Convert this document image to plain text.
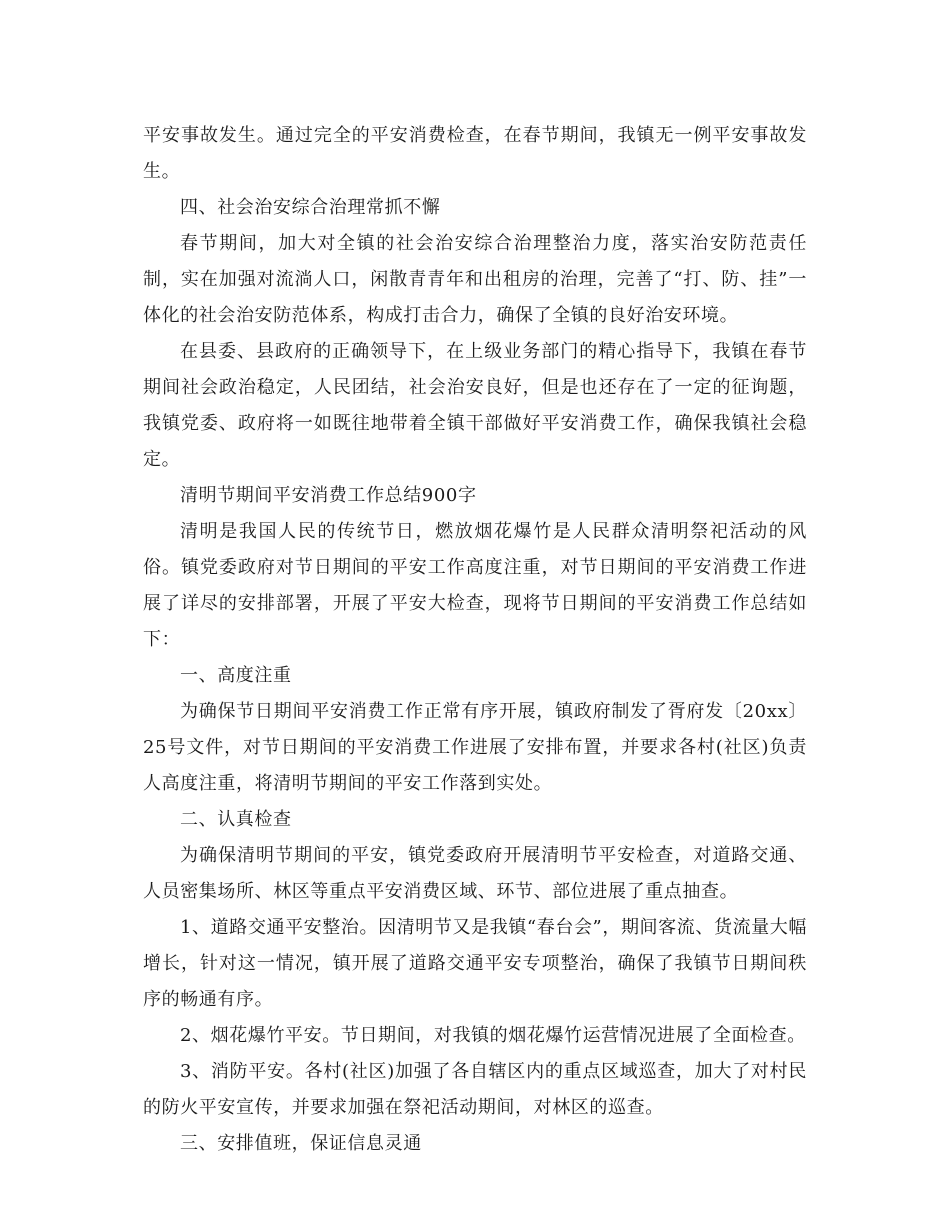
平安事故发生。通过完全的平安消费检查，在春节期间，我镇无一例平安事故发生。

四、社会治安综合治理常抓不懈

春节期间，加大对全镇的社会治安综合治理整治力度，落实治安防范责任制，实在加强对流淌人口，闲散青青年和出租房的治理，完善了“打、防、挂”一体化的社会治安防范体系，构成打击合力，确保了全镇的良好治安环境。

在县委、县政府的正确领导下，在上级业务部门的精心指导下，我镇在春节期间社会政治稳定，人民团结，社会治安良好，但是也还存在了一定的征询题，我镇党委、政府将一如既往地带着全镇干部做好平安消费工作，确保我镇社会稳定。

清明节期间平安消费工作总结900字

清明是我国人民的传统节日，燃放烟花爆竹是人民群众清明祭祀活动的风俗。镇党委政府对节日期间的平安工作高度注重，对节日期间的平安消费工作进展了详尽的安排部署，开展了平安大检查，现将节日期间的平安消费工作总结如下：

一、高度注重

为确保节日期间平安消费工作正常有序开展，镇政府制发了胥府发〔20xx〕25号文件，对节日期间的平安消费工作进展了安排布置，并要求各村(社区)负责人高度注重，将清明节期间的平安工作落到实处。

二、认真检查

为确保清明节期间的平安，镇党委政府开展清明节平安检查，对道路交通、人员密集场所、林区等重点平安消费区域、环节、部位进展了重点抽查。

1、道路交通平安整治。因清明节又是我镇“春台会”，期间客流、货流量大幅增长，针对这一情况，镇开展了道路交通平安专项整治，确保了我镇节日期间秩序的畅通有序。

2、烟花爆竹平安。节日期间，对我镇的烟花爆竹运营情况进展了全面检查。

3、消防平安。各村(社区)加强了各自辖区内的重点区域巡查，加大了对村民的防火平安宣传，并要求加强在祭祀活动期间，对林区的巡查。

三、安排值班，保证信息灵通
